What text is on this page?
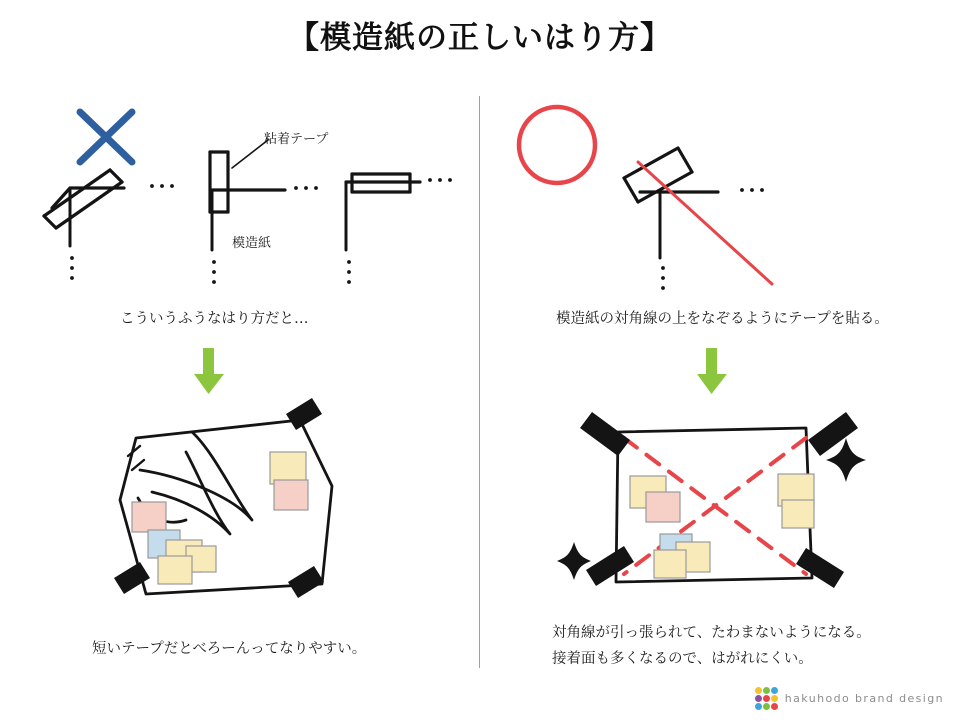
【模造紙の正しいはり方】
粘着テープ
模造紙
こういうふうなはり方だと…
短いテープだとべろーんってなりやすい。
模造紙の対角線の上をなぞるようにテープを貼る。
対角線が引っ張られて、たわまないようになる。
接着面も多くなるので、はがれにくい。
hakuhodo brand design
